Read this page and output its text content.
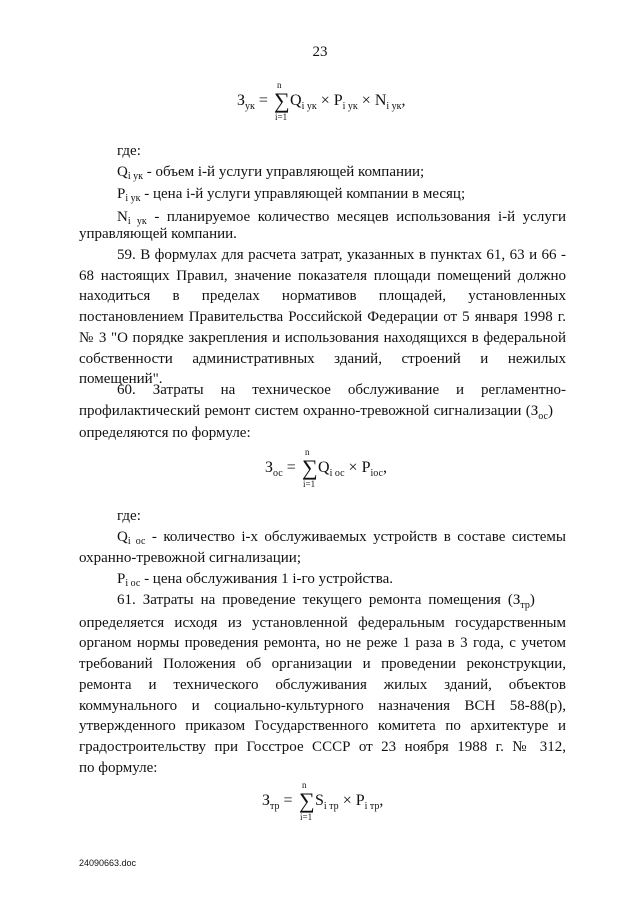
23
$З_{ук}$ =
n
∑
i=1
$Q_{i ук} \times P_{i ук} \times N_{i ук}$,
где:
$Q_{i ук}$ - объем i-й услуги управляющей компании;
$P_{i ук}$ - цена i-й услуги управляющей компании в месяц;
$N_{i ук}$ - планируемое количество месяцев использования i-й услуги
управляющей компании.
59. В формулах для расчета затрат, указанных в пунктах 61, 63 и 66 -
68 настоящих Правил, значение показателя площади помещений должно
находиться в пределах нормативов площадей, установленных
постановлением Правительства Российской Федерации от 5 января 1998 г.
№ 3 "О порядке закрепления и использования находящихся в федеральной
собственности административных зданий, строений и нежилых
помещений".
60. Затраты на техническое обслуживание и регламентно-
профилактический ремонт систем охранно-тревожной сигнализации $(З_{ос})$
определяются по формуле:
$З_{ос}$ =
n
∑
i=1
$Q_{i ос} \times P_{iос}$,
где:
$Q_{i ос}$ - количество i-х обслуживаемых устройств в составе системы
охранно-тревожной сигнализации;
$P_{i ос}$ - цена обслуживания 1 i-го устройства.
61. Затраты на проведение текущего ремонта помещения $(З_{тр})$
определяется исходя из установленной федеральным государственным
органом нормы проведения ремонта, но не реже 1 раза в 3 года, с учетом
требований Положения об организации и проведении реконструкции,
ремонта и технического обслуживания жилых зданий, объектов
коммунального и социально-культурного назначения ВСН 58-88(р),
утвержденного приказом Государственного комитета по архитектуре и
градостроительству при Госстрое СССР от 23 ноября 1988 г. № 312,
по формуле:
$З_{тр}$ =
n
∑
i=1
$S_{i тр} \times P_{i тр}$,
24090663.doc
